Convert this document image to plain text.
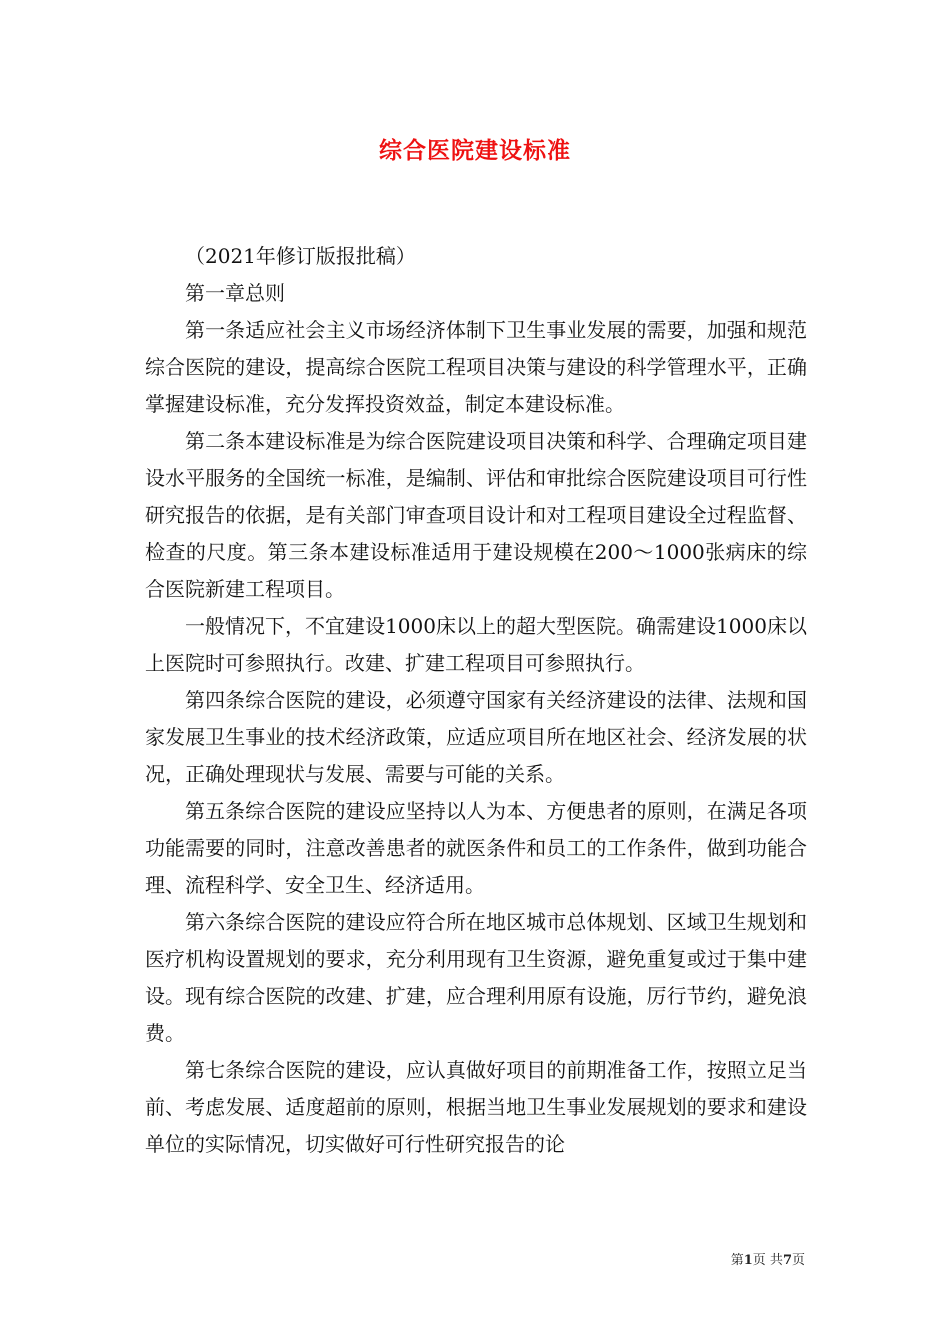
综合医院建设标准

（2021年修订版报批稿）

第一章总则

第一条适应社会主义市场经济体制下卫生事业发展的需要，加强和规范综合医院的建设，提高综合医院工程项目决策与建设的科学管理水平，正确掌握建设标准，充分发挥投资效益，制定本建设标准。

第二条本建设标准是为综合医院建设项目决策和科学、合理确定项目建设水平服务的全国统一标准，是编制、评估和审批综合医院建设项目可行性研究报告的依据，是有关部门审查项目设计和对工程项目建设全过程监督、检查的尺度。第三条本建设标准适用于建设规模在200～1000张病床的综合医院新建工程项目。

一般情况下，不宜建设1000床以上的超大型医院。确需建设1000床以上医院时可参照执行。改建、扩建工程项目可参照执行。

第四条综合医院的建设，必须遵守国家有关经济建设的法律、法规和国家发展卫生事业的技术经济政策，应适应项目所在地区社会、经济发展的状况，正确处理现状与发展、需要与可能的关系。

第五条综合医院的建设应坚持以人为本、方便患者的原则，在满足各项功能需要的同时，注意改善患者的就医条件和员工的工作条件，做到功能合理、流程科学、安全卫生、经济适用。

第六条综合医院的建设应符合所在地区城市总体规划、区域卫生规划和医疗机构设置规划的要求，充分利用现有卫生资源，避免重复或过于集中建设。现有综合医院的改建、扩建，应合理利用原有设施，厉行节约，避免浪费。

第七条综合医院的建设，应认真做好项目的前期准备工作，按照立足当前、考虑发展、适度超前的原则，根据当地卫生事业发展规划的要求和建设单位的实际情况，切实做好可行性研究报告的论

第1页 共7页
